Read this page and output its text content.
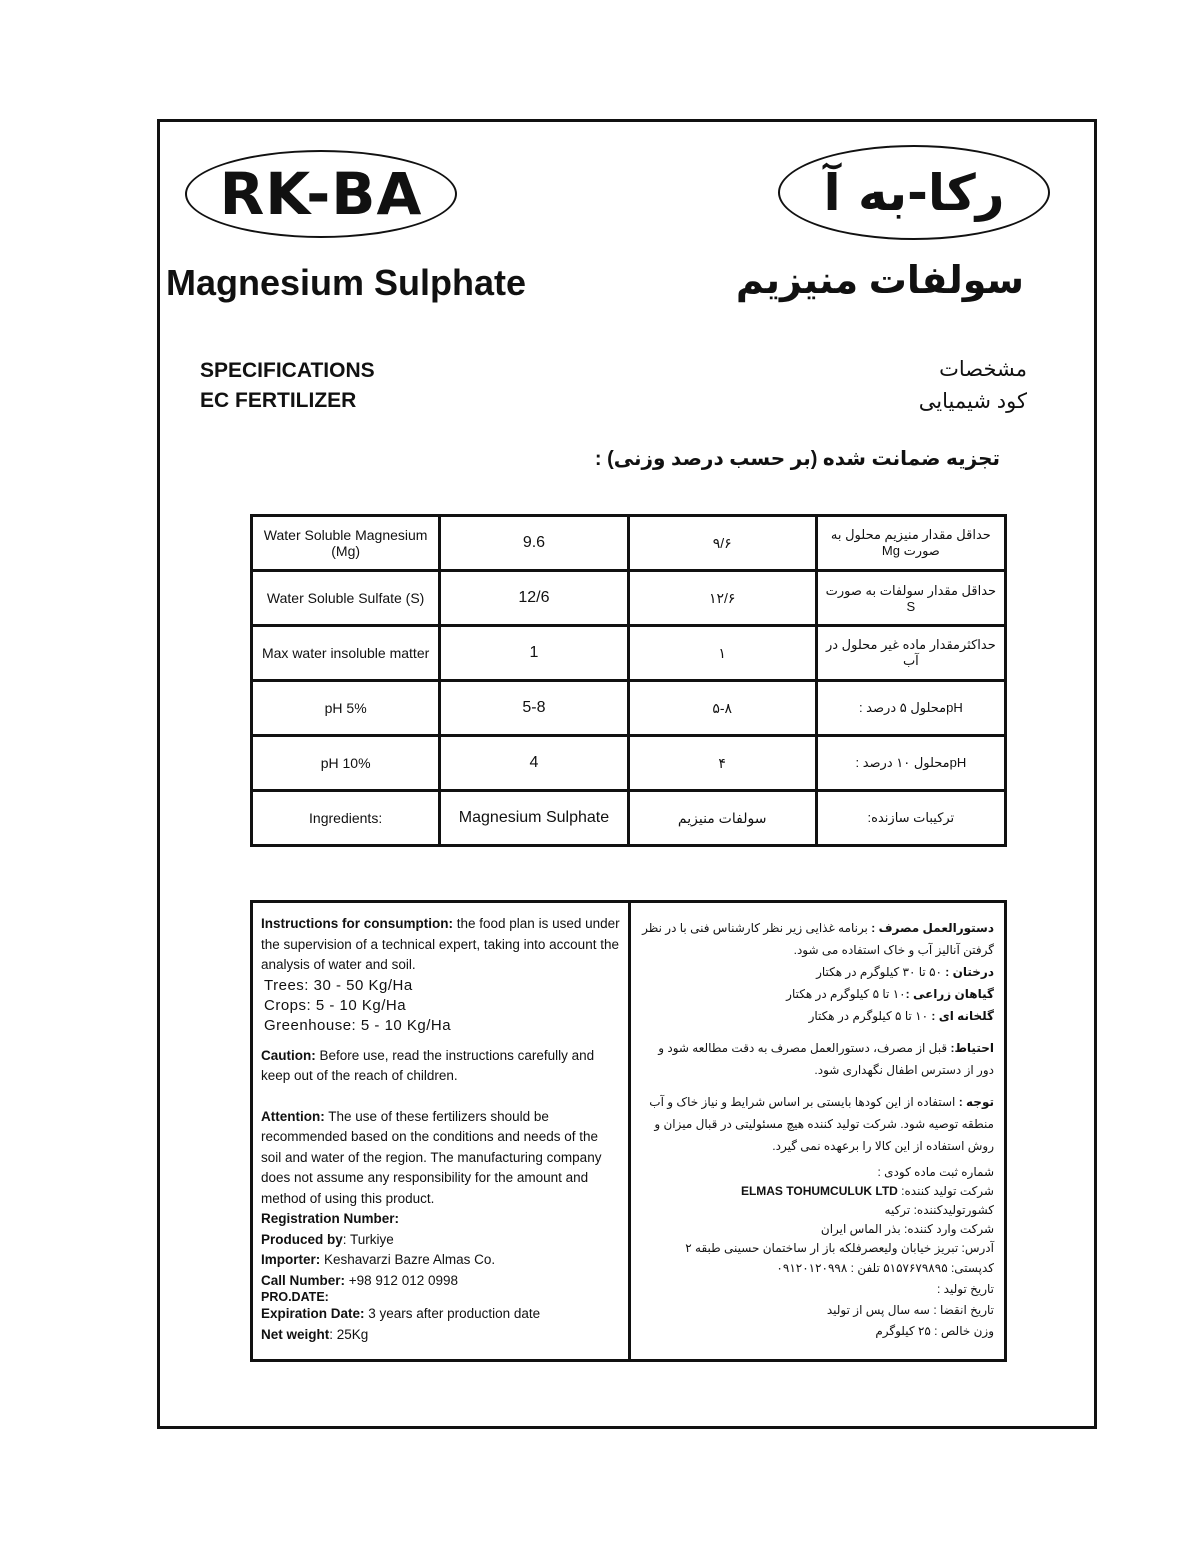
RK-BA	رکا-به آ
Magnesium Sulphate	سولفات منیزیم
SPECIFICATIONS
EC FERTILIZER
مشخصات
کود شیمیایی
تجزیه ضمانت شده (بر حسب درصد وزنی) :
Water Soluble Magnesium (Mg)	9.6	۹/۶	حداقل مقدار منیزیم محلول به صورت Mg
Water Soluble Sulfate (S)	12/6	۱۲/۶	حداقل مقدار سولفات به صورت S
Max water insoluble matter	1	۱	حداکثرمقدار ماده غیر محلول در آب
pH 5%	5-8	۵-۸	pHمحلول ۵ درصد :
pH 10%	4	۴	pHمحلول ۱۰ درصد :
Ingredients:	Magnesium Sulphate	سولفات منیزیم	ترکیبات سازنده:
Instructions for consumption: the food plan is used under the supervision of a technical expert, taking into account the analysis of water and soil.
Trees: 30 - 50 Kg/Ha
Crops: 5 - 10 Kg/Ha
Greenhouse: 5 - 10 Kg/Ha
Caution: Before use, read the instructions carefully and keep out of the reach of children.
Attention: The use of these fertilizers should be recommended based on the conditions and needs of the soil and water of the region. The manufacturing company does not assume any responsibility for the amount and method of using this product.
Registration Number:
Produced by: Turkiye
Importer: Keshavarzi Bazre Almas Co.
Call Number: +98 912 012 0998
PRO.DATE:
Expiration Date: 3 years after production date
Net weight: 25Kg
دستورالعمل مصرف : برنامه غذایی زیر نظر کارشناس فنی با در نظر گرفتن آنالیز آب و خاک استفاده می شود.
درختان : ۵۰ تا ۳۰ کیلوگرم در هکتار
گیاهان زراعی :۱۰ تا ۵ کیلوگرم در هکتار
گلخانه ای : ۱۰ تا ۵ کیلوگرم در هکتار
احتیاط: قبل از مصرف، دستورالعمل مصرف به دقت مطالعه شود و دور از دسترس اطفال نگهداری شود.
توجه : استفاده از این کودها بایستی بر اساس شرایط و نیاز خاک و آب منطقه توصیه شود. شرکت تولید کننده هیچ مسئولیتی در قبال میزان و روش استفاده از این کالا را برعهده نمی گیرد.
شماره ثبت ماده کودی :
شرکت تولید کننده: ELMAS TOHUMCULUK LTD
کشورتولیدکننده: ترکیه
شرکت وارد کننده: بذر الماس ایران
آدرس: تبریز خیابان ولیعصرفلکه باز ار ساختمان حسینی طبقه ۲
کدپستی: ۵۱۵۷۶۷۹۸۹۵ تلفن : ۰۹۱۲۰۱۲۰۹۹۸
تاریخ تولید :
تاریخ انقضا : سه سال پس از تولید
وزن خالص : ۲۵ کیلوگرم
